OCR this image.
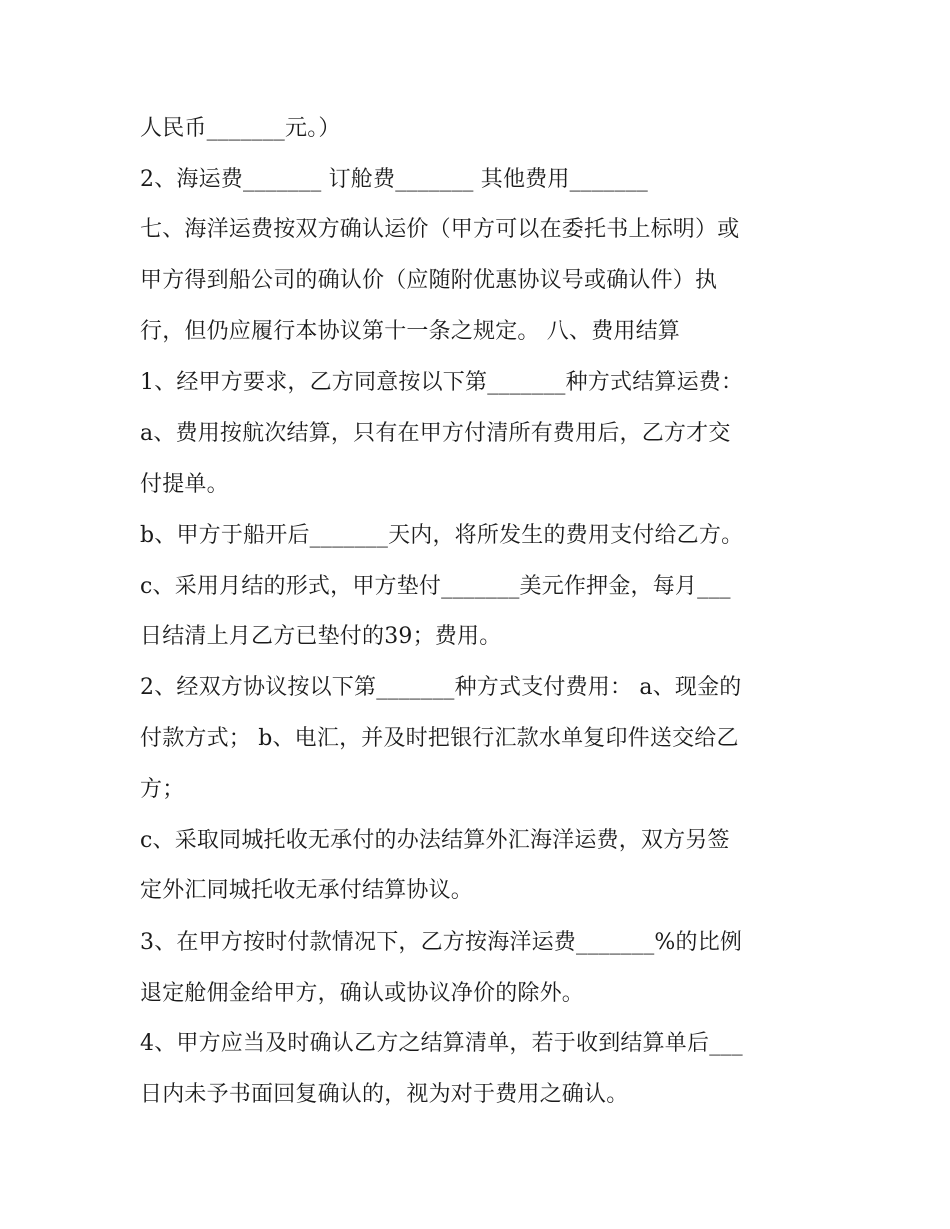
人民币_______元。）
2、海运费_______ 订舱费_______ 其他费用_______
七、海洋运费按双方确认运价（甲方可以在委托书上标明）或
甲方得到船公司的确认价（应随附优惠协议号或确认件）执
行，但仍应履行本协议第十一条之规定。 八、费用结算
1、经甲方要求，乙方同意按以下第_______种方式结算运费：
a、费用按航次结算，只有在甲方付清所有费用后，乙方才交
付提单。
b、甲方于船开后_______天内，将所发生的费用支付给乙方。
c、采用月结的形式，甲方垫付_______美元作押金，每月___
日结清上月乙方已垫付的39；费用。
2、经双方协议按以下第_______种方式支付费用： a、现金的
付款方式； b、电汇，并及时把银行汇款水单复印件送交给乙
方；
c、采取同城托收无承付的办法结算外汇海洋运费，双方另签
定外汇同城托收无承付结算协议。
3、在甲方按时付款情况下，乙方按海洋运费_______%的比例
退定舱佣金给甲方，确认或协议净价的除外。
4、甲方应当及时确认乙方之结算清单，若于收到结算单后___
日内未予书面回复确认的，视为对于费用之确认。
